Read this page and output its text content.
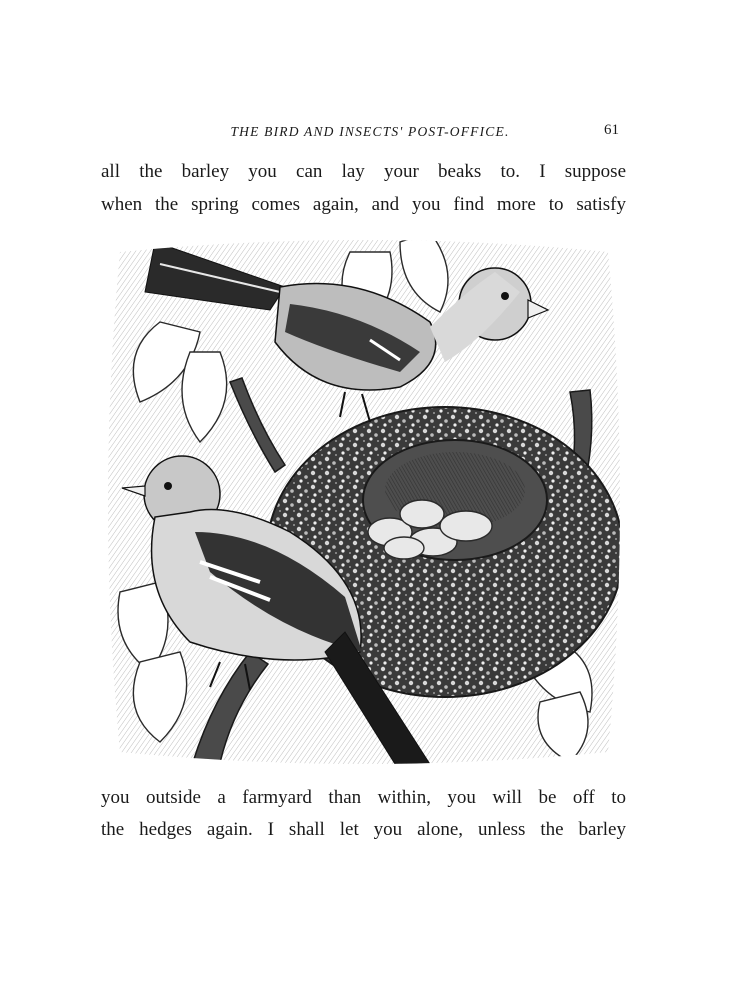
THE BIRD AND INSECTS' POST-OFFICE.	61
all the barley you can lay your beaks to. I suppose
when the spring comes again, and you find more to satisfy
you outside a farmyard than within, you will be off to
the hedges again. I shall let you alone, unless the barley
